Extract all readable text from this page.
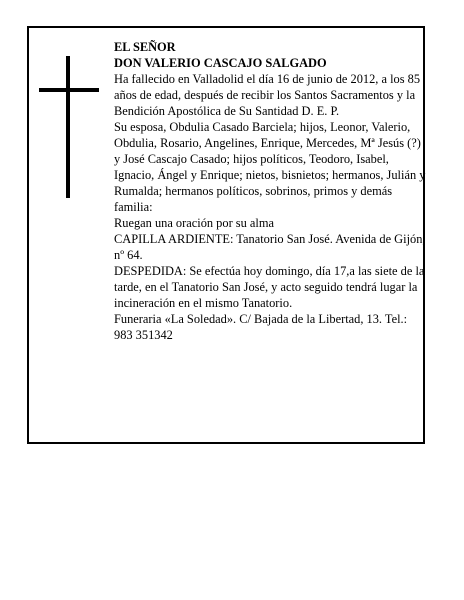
EL SEÑOR

DON VALERIO CASCAJO SALGADO

Ha fallecido en Valladolid el día 16 de junio de 2012, a los 85 años de edad, después de recibir los Santos Sacramentos y la Bendición Apostólica de Su Santidad D. E. P.

Su esposa, Obdulia Casado Barciela; hijos, Leonor, Valerio, Obdulia, Rosario, Angelines, Enrique, Mercedes, Mª Jesús (?) y José Cascajo Casado; hijos políticos, Teodoro, Isabel, Ignacio, Ángel y Enrique; nietos, bisnietos; hermanos, Julián y Rumalda; hermanos políticos, sobrinos, primos y demás familia:

Ruegan una oración por su alma

CAPILLA ARDIENTE: Tanatorio San José. Avenida de Gijón, nº 64.

DESPEDIDA: Se efectúa hoy domingo, día 17,a las siete de la tarde, en el Tanatorio San José, y acto seguido tendrá lugar la incineración en el mismo Tanatorio.

Funeraria «La Soledad». C/ Bajada de la Libertad, 13. Tel.: 983 351342
